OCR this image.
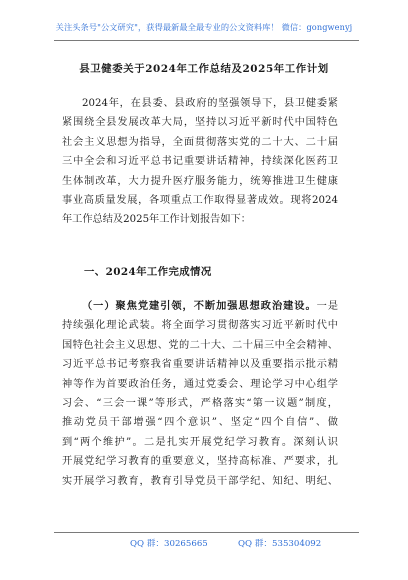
关注头条号"公文研究"，获得最新最全最专业的公文资料库！ 微信：gongwenyj
县卫健委关于2024年工作总结及2025年工作计划
2024年，在县委、县政府的坚强领导下，县卫健委紧
紧围绕全县发展改革大局，坚持以习近平新时代中国特色
社会主义思想为指导，全面贯彻落实党的二十大、二十届
三中全会和习近平总书记重要讲话精神，持续深化医药卫
生体制改革，大力提升医疗服务能力，统筹推进卫生健康
事业高质量发展，各项重点工作取得显著成效。现将2024
年工作总结及2025年工作计划报告如下：
一、2024年工作完成情况
（一）聚焦党建引领，不断加强思想政治建设。一是
持续强化理论武装。将全面学习贯彻落实习近平新时代中
国特色社会主义思想、党的二十大、二十届三中全会精神、
习近平总书记考察我省重要讲话精神以及重要指示批示精
神等作为首要政治任务，通过党委会、理论学习中心组学
习会、“三会一课”等形式，严格落实“第一议题”制度，
推动党员干部增强“四个意识”、坚定“四个自信”、做
到“两个维护”。二是扎实开展党纪学习教育。深刻认识
开展党纪学习教育的重要意义，坚持高标准、严要求，扎
实开展学习教育，教育引导党员干部学纪、知纪、明纪、
QQ 群：30265665	QQ 群：535304092
